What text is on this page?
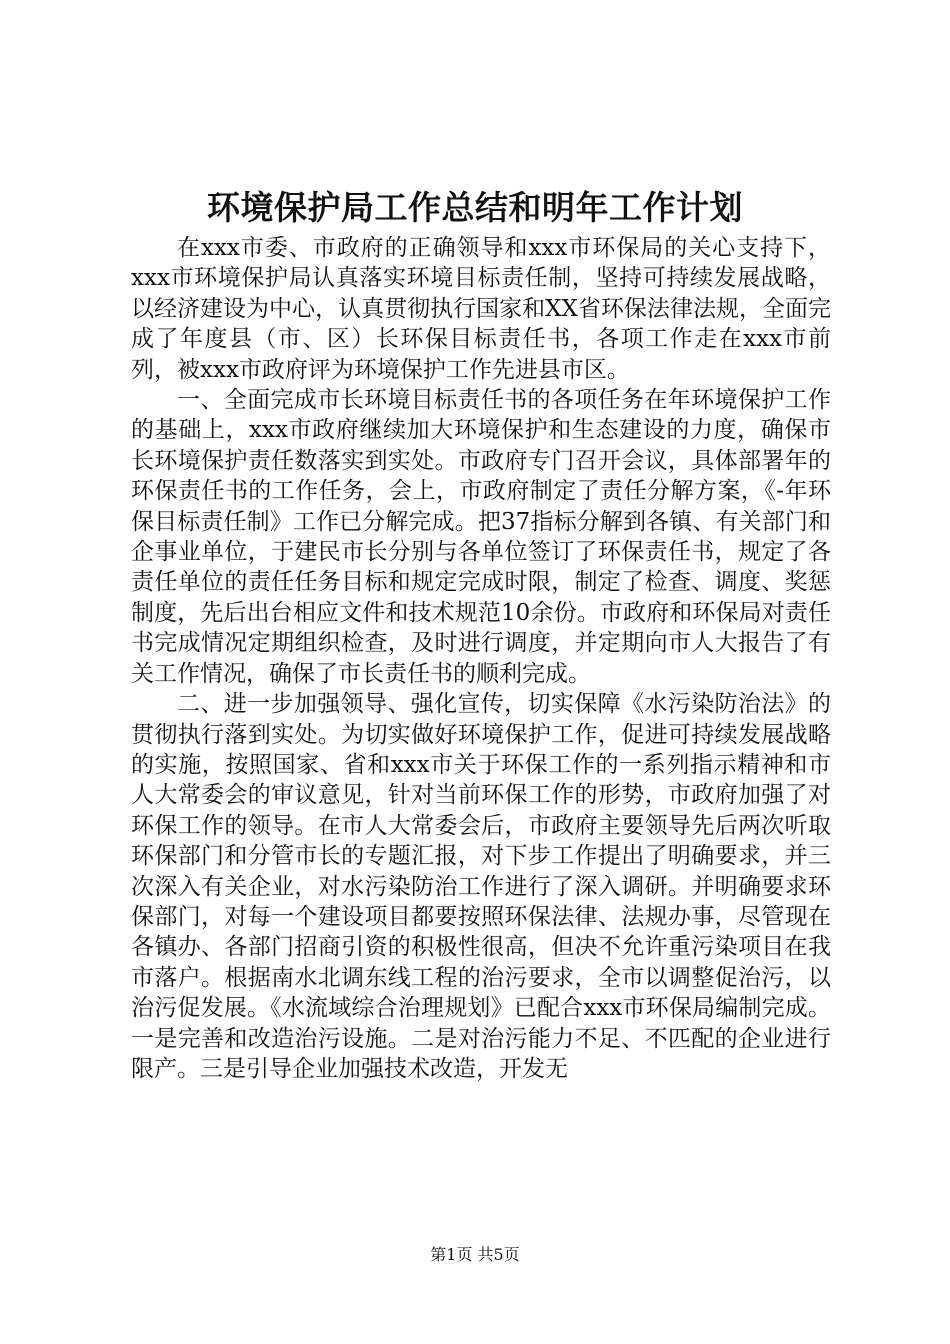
环境保护局工作总结和明年工作计划

在xxx市委、市政府的正确领导和xxx市环保局的关心支持下，xxx市环境保护局认真落实环境目标责任制，坚持可持续发展战略，以经济建设为中心，认真贯彻执行国家和XX省环保法律法规，全面完成了年度县（市、区）长环保目标责任书，各项工作走在xxx市前列，被xxx市政府评为环境保护工作先进县市区。

一、全面完成市长环境目标责任书的各项任务在年环境保护工作的基础上，xxx市政府继续加大环境保护和生态建设的力度，确保市长环境保护责任数落实到实处。市政府专门召开会议，具体部署年的环保责任书的工作任务，会上，市政府制定了责任分解方案，《-年环保目标责任制》工作已分解完成。把37指标分解到各镇、有关部门和企事业单位，于建民市长分别与各单位签订了环保责任书，规定了各责任单位的责任任务目标和规定完成时限，制定了检查、调度、奖惩制度，先后出台相应文件和技术规范10余份。市政府和环保局对责任书完成情况定期组织检查，及时进行调度，并定期向市人大报告了有关工作情况，确保了市长责任书的顺利完成。

二、进一步加强领导、强化宣传，切实保障《水污染防治法》的贯彻执行落到实处。为切实做好环境保护工作，促进可持续发展战略的实施，按照国家、省和xxx市关于环保工作的一系列指示精神和市人大常委会的审议意见，针对当前环保工作的形势，市政府加强了对环保工作的领导。在市人大常委会后，市政府主要领导先后两次听取环保部门和分管市长的专题汇报，对下步工作提出了明确要求，并三次深入有关企业，对水污染防治工作进行了深入调研。并明确要求环保部门，对每一个建设项目都要按照环保法律、法规办事，尽管现在各镇办、各部门招商引资的积极性很高，但决不允许重污染项目在我市落户。根据南水北调东线工程的治污要求，全市以调整促治污，以治污促发展。《水流域综合治理规划》已配合xxx市环保局编制完成。一是完善和改造治污设施。二是对治污能力不足、不匹配的企业进行限产。三是引导企业加强技术改造，开发无

第1页 共5页
